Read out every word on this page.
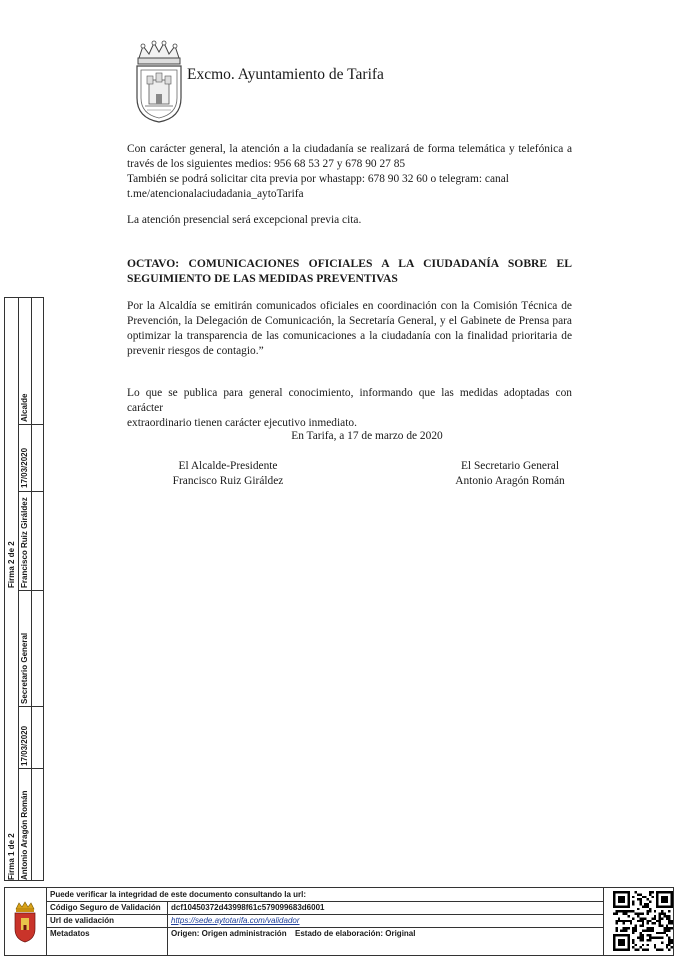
Excmo. Ayuntamiento de Tarifa
Con carácter general, la atención a la ciudadanía se realizará de forma telemática y telefónica a
través de los siguientes medios: 956 68 53 27 y 678 90 27 85
También se podrá solicitar cita previa por whastapp: 678 90 32 60 o telegram: canal
t.me/atencionalaciudadania_aytoTarifa
La atención presencial será excepcional previa cita.
OCTAVO: COMUNICACIONES OFICIALES A LA CIUDADANÍA SOBRE EL
SEGUIMIENTO DE LAS MEDIDAS PREVENTIVAS
Por la Alcaldía se emitirán comunicados oficiales en coordinación con la Comisión Técnica de
Prevención, la Delegación de Comunicación, la Secretaría General, y el Gabinete de Prensa para
optimizar la transparencia de las comunicaciones a la ciudadanía con la finalidad prioritaria de
prevenir riesgos de contagio.”
Lo que se publica para general conocimiento, informando que las medidas adoptadas con carácter
extraordinario tienen carácter ejecutivo inmediato.
En Tarifa, a 17 de marzo de 2020
El Alcalde-Presidente
Francisco Ruiz Giráldez
El Secretario General
Antonio Aragón Román
Firma 2 de 2 Francisco Ruiz Giráldez
17/03/2020
Alcalde
Firma 1 de 2 Antonio Aragón Román
17/03/2020
Secretario General
Puede verificar la integridad de este documento consultando la url:
Código Seguro de Validación dcf10450372d43998f61c579099683d6001
Url de validación	https://sede.aytotarifa.com/validador
Metadatos	Origen: Origen administración Estado de elaboración: Original
